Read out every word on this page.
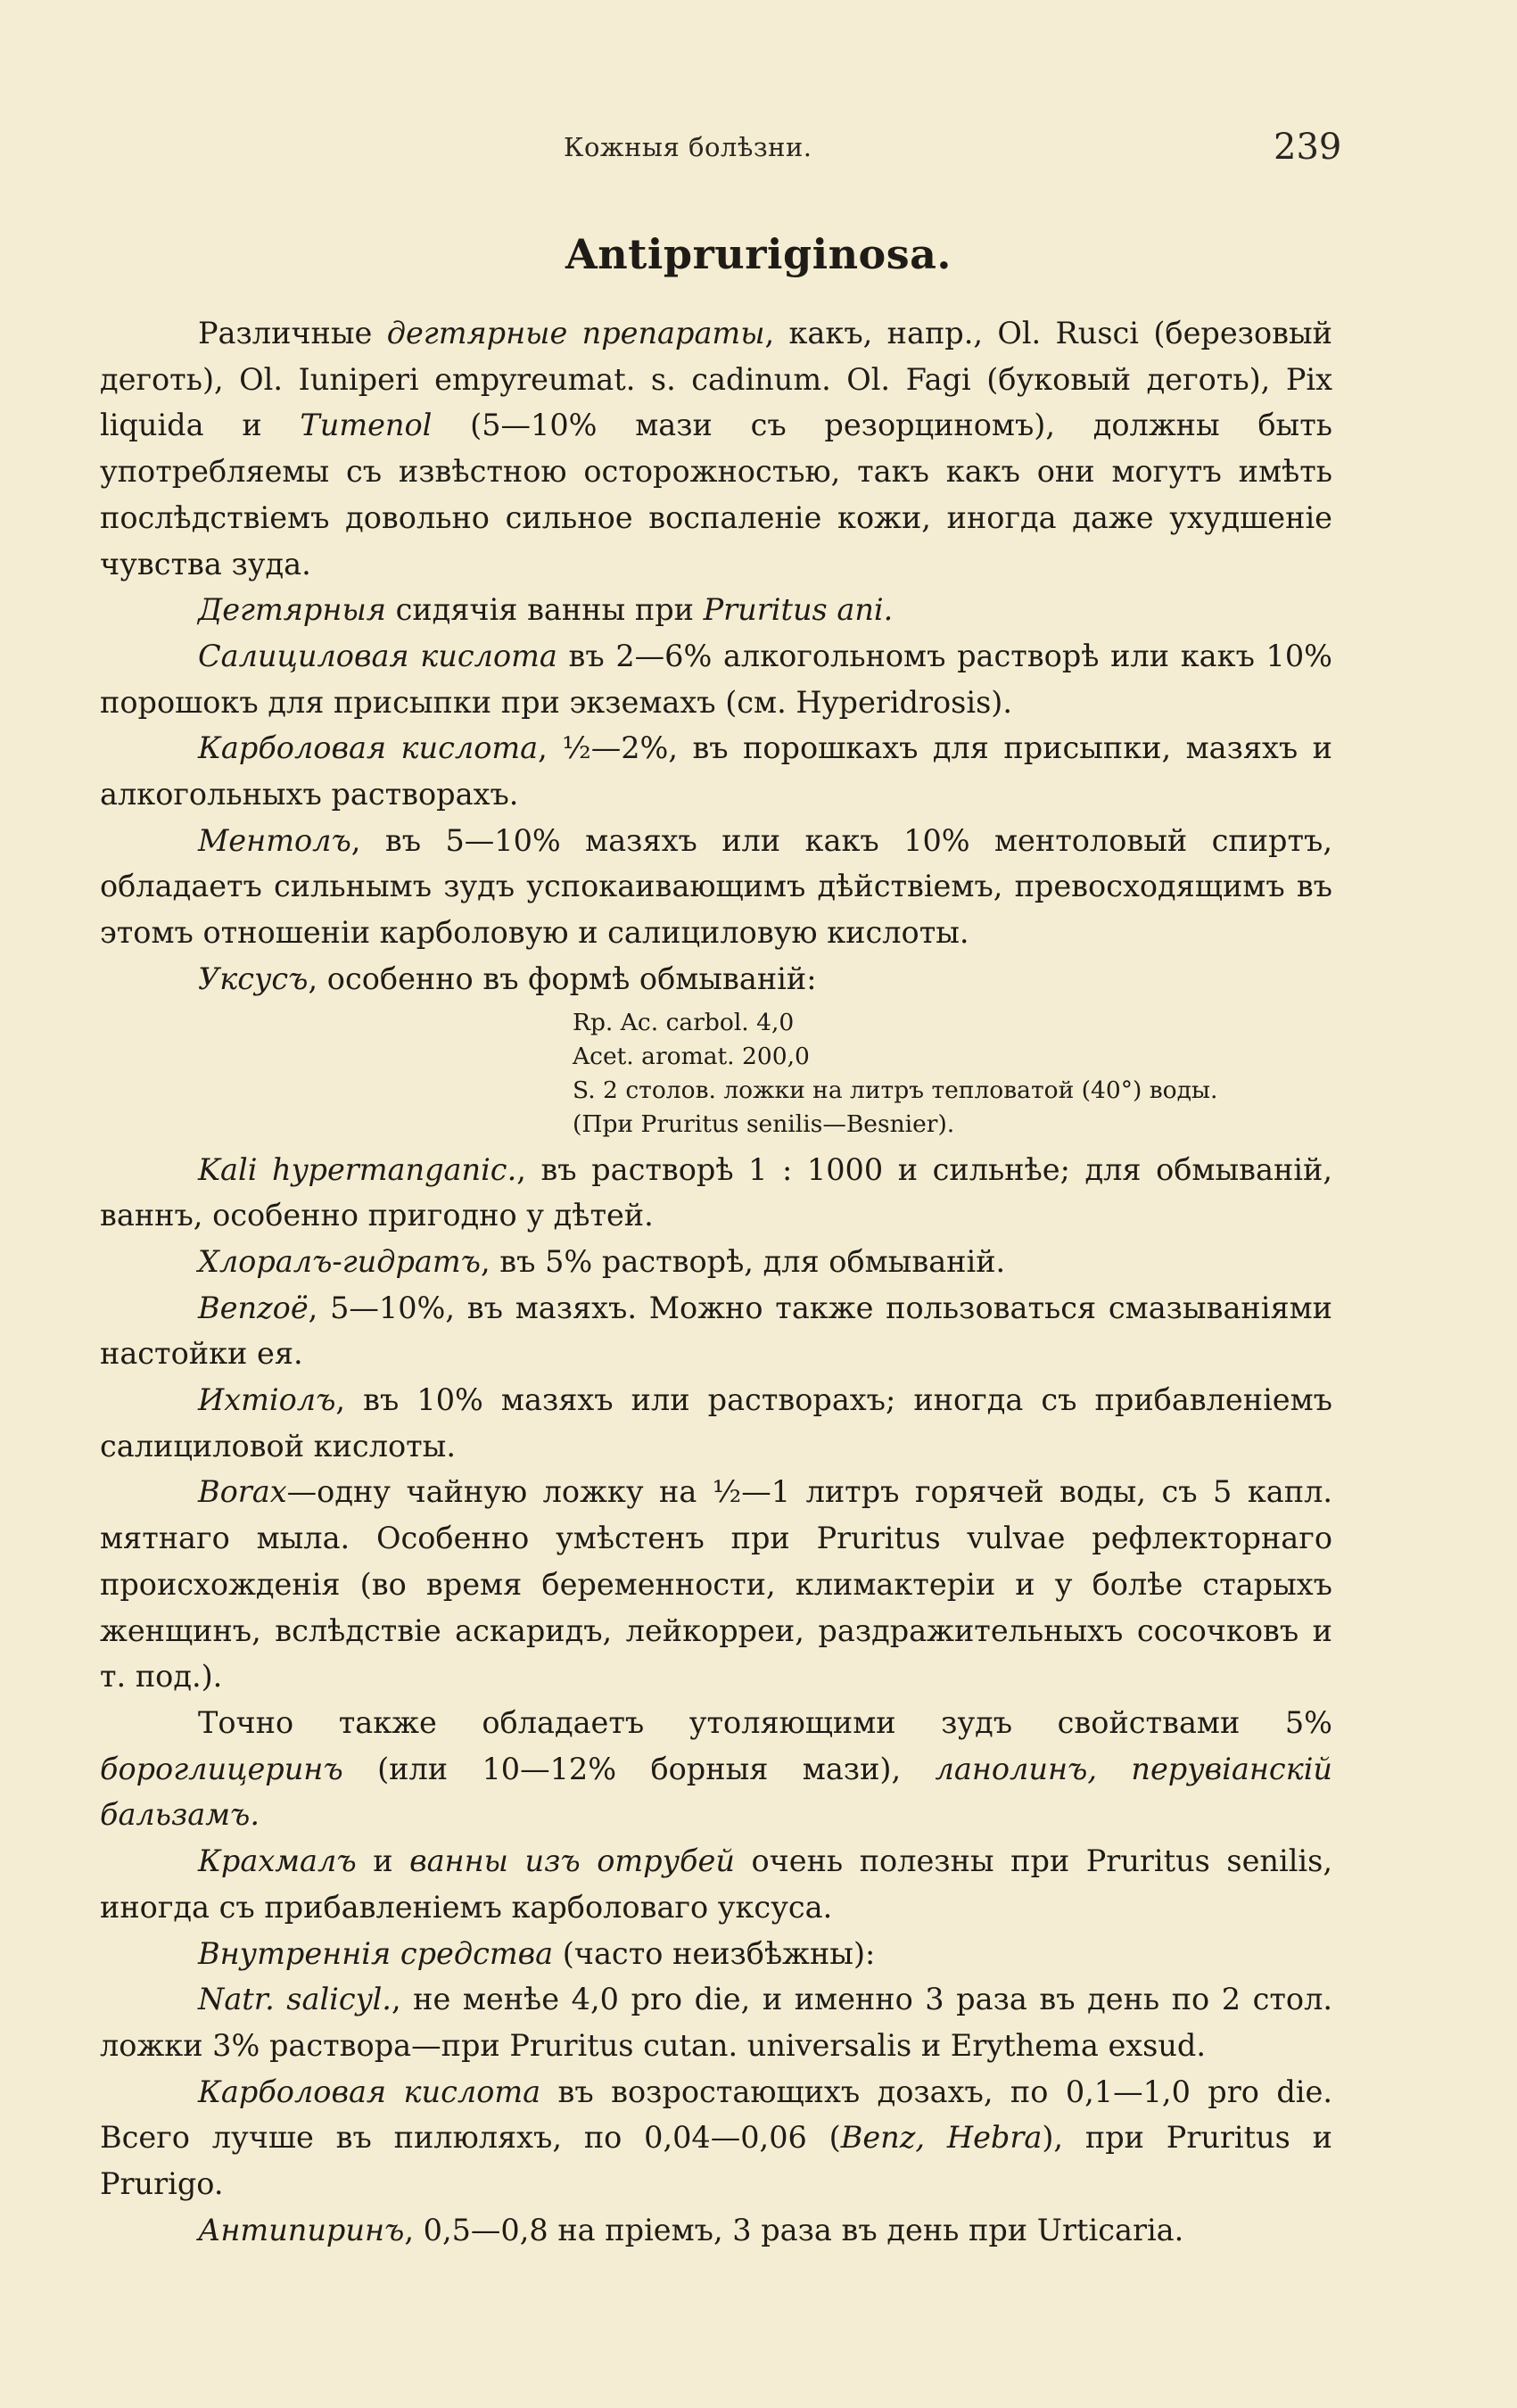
Кожныя болѣзни.	239
Antipruriginosa.

Различные дегтярные препараты, какъ, напр., Ol. Rusci (березовый деготь), Ol. Iuniperi empyreumat. s. cadinum. Ol. Fagi (буковый деготь), Pix liquida и Tumenol (5—10% мази съ резорциномъ), должны быть употребляемы съ извѣстною осторожностью, такъ какъ они могутъ имѣть послѣдствіемъ довольно сильное воспаленіе кожи, иногда даже ухудшеніе чувства зуда.

Дегтярныя сидячія ванны при Pruritus ani.

Салициловая кислота въ 2—6% алкогольномъ растворѣ или какъ 10% порошокъ для присыпки при экземахъ (см. Hyperidrosis).

Карболовая кислота, ½—2%, въ порошкахъ для присыпки, мазяхъ и алкогольныхъ растворахъ.

Ментолъ, въ 5—10% мазяхъ или какъ 10% ментоловый спиртъ, обладаетъ сильнымъ зудъ успокаивающимъ дѣйствіемъ, превосходящимъ въ этомъ отношеніи карболовую и салициловую кислоты.

Уксусъ, особенно въ формѣ обмываній:

Rp. Ac. carbol. 4,0
Acet. aromat. 200,0
S. 2 столов. ложки на литръ тепловатой (40°) воды.
(При Pruritus senilis—Besnier).

Kali hypermanganic., въ растворѣ 1 : 1000 и сильнѣе; для обмываній, ваннъ, особенно пригодно у дѣтей.

Хлоралъ-гидратъ, въ 5% растворѣ, для обмываній.

Benzoë, 5—10%, въ мазяхъ. Можно также пользоваться смазываніями настойки ея.

Ихтіолъ, въ 10% мазяхъ или растворахъ; иногда съ прибавленіемъ салициловой кислоты.

Borax—одну чайную ложку на ½—1 литръ горячей воды, съ 5 капл. мятнаго мыла. Особенно умѣстенъ при Pruritus vulvae рефлекторнаго происхожденія (во время беременности, климактеріи и у болѣе старыхъ женщинъ, вслѣдствіе аскаридъ, лейкорреи, раздражительныхъ сосочковъ и т. под.).

Точно также обладаетъ утоляющими зудъ свойствами 5% бороглицеринъ (или 10—12% борныя мази), ланолинъ, перувіанскій бальзамъ.

Крахмалъ и ванны изъ отрубей очень полезны при Pruritus senilis, иногда съ прибавленіемъ карболоваго уксуса.

Внутреннія средства (часто неизбѣжны):

Natr. salicyl., не менѣе 4,0 pro die, и именно 3 раза въ день по 2 стол. ложки 3% раствора—при Pruritus cutan. universalis и Erythema exsud.

Карболовая кислота въ возростающихъ дозахъ, по 0,1—1,0 pro die. Всего лучше въ пилюляхъ, по 0,04—0,06 (Benz, Hebra), при Pruritus и Prurigo.

Антипиринъ, 0,5—0,8 на пріемъ, 3 раза въ день при Urticaria.
